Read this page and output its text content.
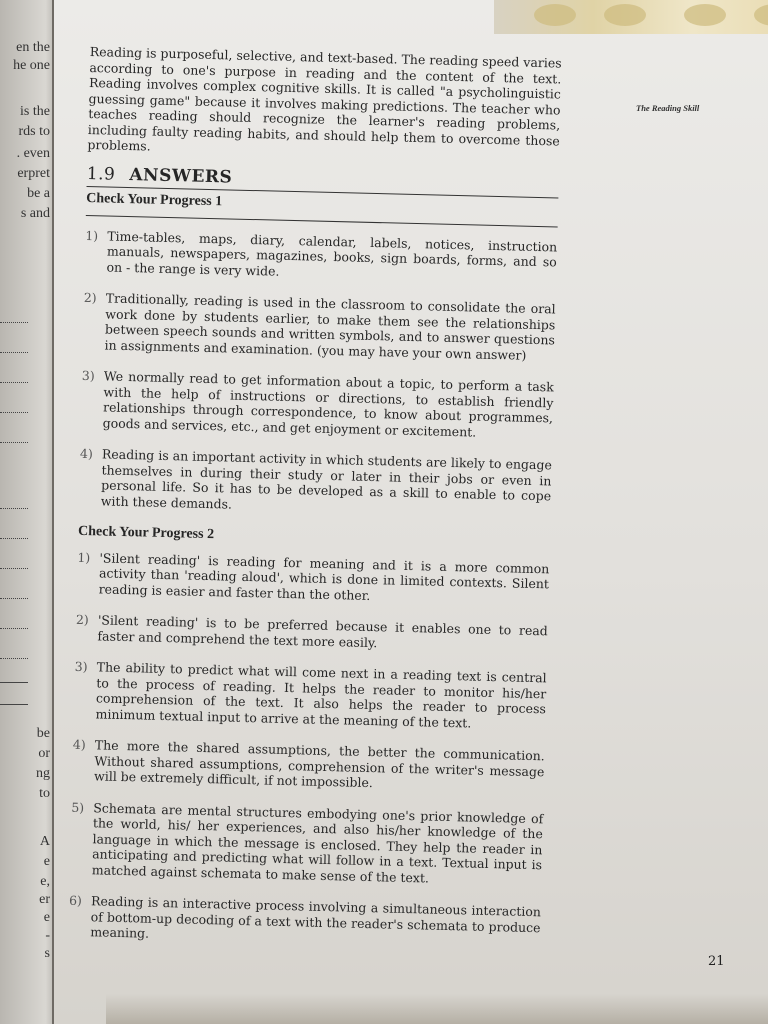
en the
he one
is the
rds to
. even
erpret
be a
s and
be
or
ng
to
A
e
e,
er
e
-
s
The Reading Skill

Reading is purposeful, selective, and text-based. The reading speed varies according to one's purpose in reading and the content of the text. Reading involves complex cognitive skills. It is called "a psycholinguistic guessing game" because it involves making predictions. The teacher who teaches reading should recognize the learner's reading problems, including faulty reading habits, and should help them to overcome those problems.

1.9 ANSWERS
Check Your Progress 1
1) Time-tables, maps, diary, calendar, labels, notices, instruction manuals, newspapers, magazines, books, sign boards, forms, and so on - the range is very wide.
2) Traditionally, reading is used in the classroom to consolidate the oral work done by students earlier, to make them see the relationships between speech sounds and written symbols, and to answer questions in assignments and examination. (you may have your own answer)
3) We normally read to get information about a topic, to perform a task with the help of instructions or directions, to establish friendly relationships through correspondence, to know about programmes, goods and services, etc., and get enjoyment or excitement.
4) Reading is an important activity in which students are likely to engage themselves in during their study or later in their jobs or even in personal life. So it has to be developed as a skill to enable to cope with these demands.
Check Your Progress 2
1) 'Silent reading' is reading for meaning and it is a more common activity than 'reading aloud', which is done in limited contexts. Silent reading is easier and faster than the other.
2) 'Silent reading' is to be preferred because it enables one to read faster and comprehend the text more easily.
3) The ability to predict what will come next in a reading text is central to the process of reading. It helps the reader to monitor his/her comprehension of the text. It also helps the reader to process minimum textual input to arrive at the meaning of the text.
4) The more the shared assumptions, the better the communication. Without shared assumptions, comprehension of the writer's message will be extremely difficult, if not impossible.
5) Schemata are mental structures embodying one's prior knowledge of the world, his/ her experiences, and also his/her knowledge of the language in which the message is enclosed. They help the reader in anticipating and predicting what will follow in a text. Textual input is matched against schemata to make sense of the text.
6) Reading is an interactive process involving a simultaneous interaction of bottom-up decoding of a text with the reader's schemata to produce meaning.
21
